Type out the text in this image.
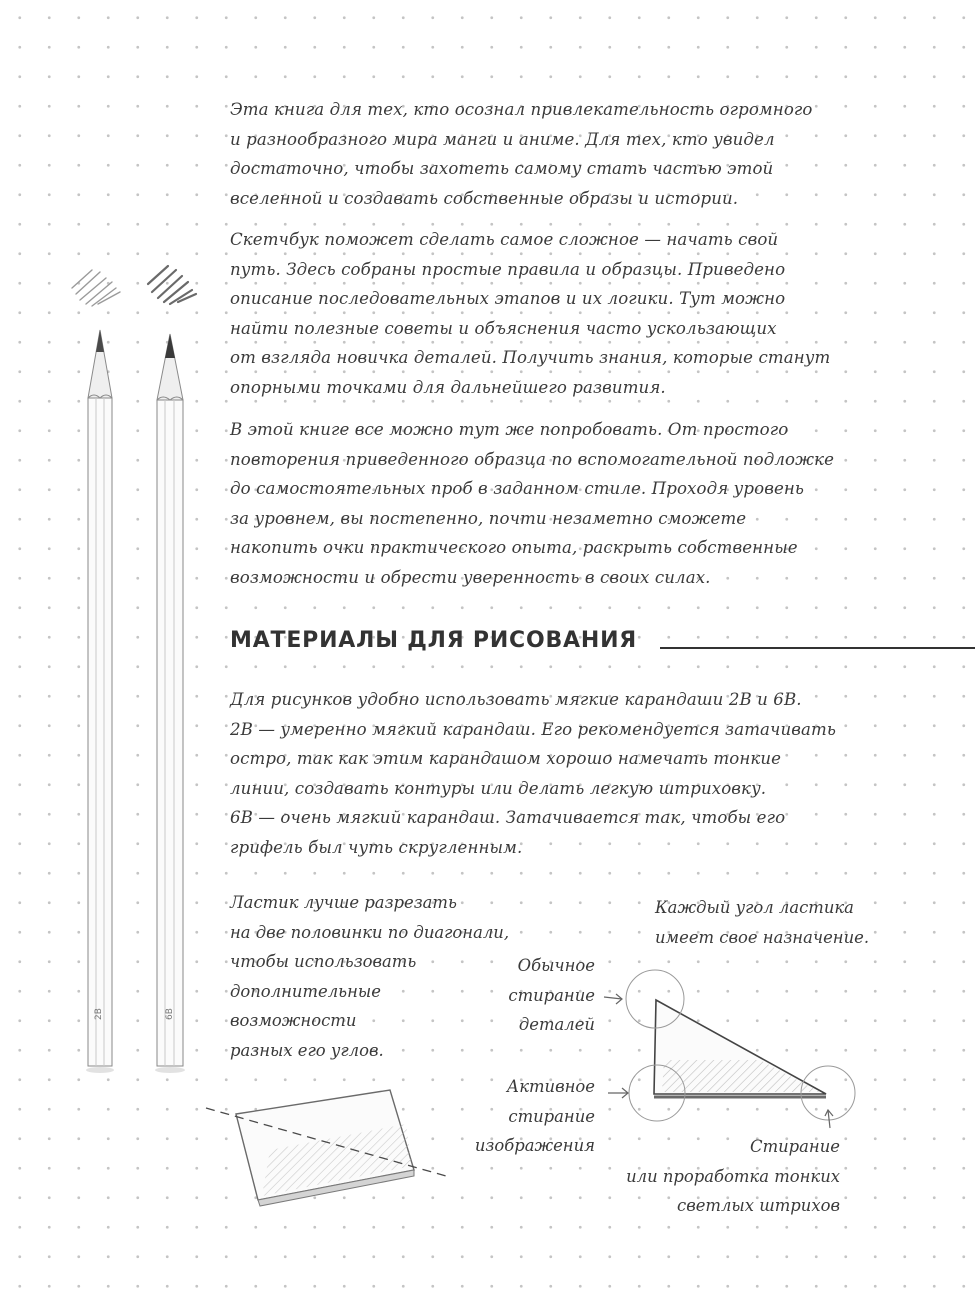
Эта книга для тех, кто осознал привлекательность огромного
и разнообразного мира манги и аниме. Для тех, кто увидел
достаточно, чтобы захотеть самому стать частью этой
вселенной и создавать собственные образы и истории.
Скетчбук поможет сделать самое сложное — начать свой
путь. Здесь собраны простые правила и образцы. Приведено
описание последовательных этапов и их логики. Тут можно
найти полезные советы и объяснения часто ускользающих
от взгляда новичка деталей. Получить знания, которые станут
опорными точками для дальнейшего развития.
В этой книге все можно тут же попробовать. От простого
повторения приведенного образца по вспомогательной подложке
до самостоятельных проб в заданном стиле. Проходя уровень
за уровнем, вы постепенно, почти незаметно сможете
накопить очки практического опыта, раскрыть собственные
возможности и обрести уверенность в своих силах.
МАТЕРИАЛЫ ДЛЯ РИСОВАНИЯ
Для рисунков удобно использовать мягкие карандаши 2B и 6B.
2B — умеренно мягкий карандаш. Его рекомендуется затачивать
остро, так как этим карандашом хорошо намечать тонкие
линии, создавать контуры или делать легкую штриховку.
6B — очень мягкий карандаш. Затачивается так, чтобы его
грифель был чуть скругленным.
Ластик лучше разрезать
на две половинки по диагонали,
чтобы использовать
дополнительные
возможности
разных его углов.
Каждый угол ластика
имеет свое назначение.
Обычное
стирание
деталей
Активное
стирание
изображения	Стирание
или проработка тонких
светлых штрихов
2B	6B
